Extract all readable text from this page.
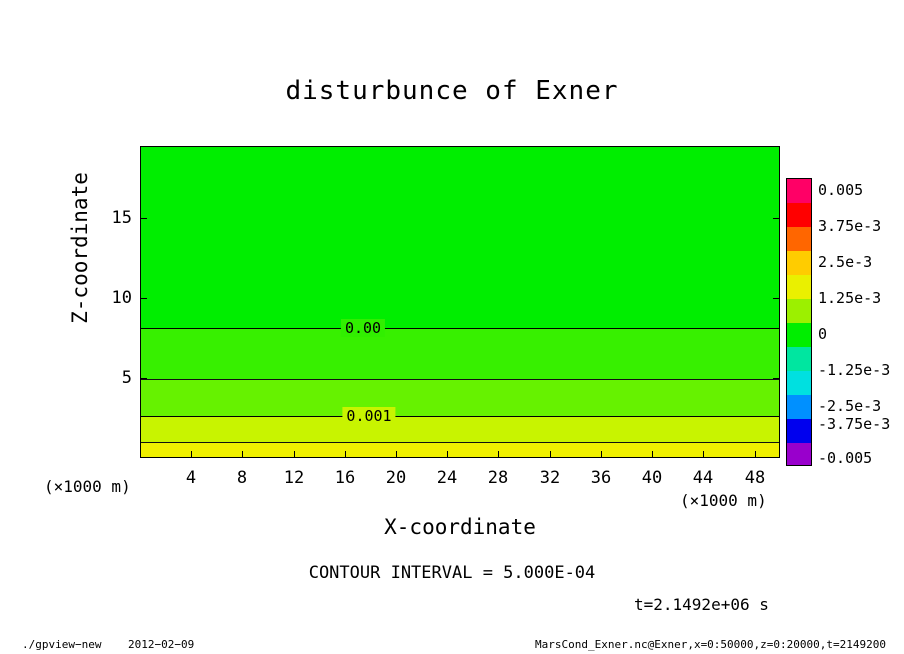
disturbunce of Exner
0.00
0.001
5
10
15
Z-coordinate
4	8	12	16	20	24	28	32	36	40	44	48
(×1000 m)
(×1000 m)
X-coordinate
0.005
3.75e-3
2.5e-3
1.25e-3
0
-1.25e-3
-2.5e-3
-3.75e-3
-0.005
CONTOUR INTERVAL = 5.000E-04
t=2.1492e+06 s
./gpview−new 2012−02−09	MarsCond_Exner.nc@Exner,x=0:50000,z=0:20000,t=2149200
